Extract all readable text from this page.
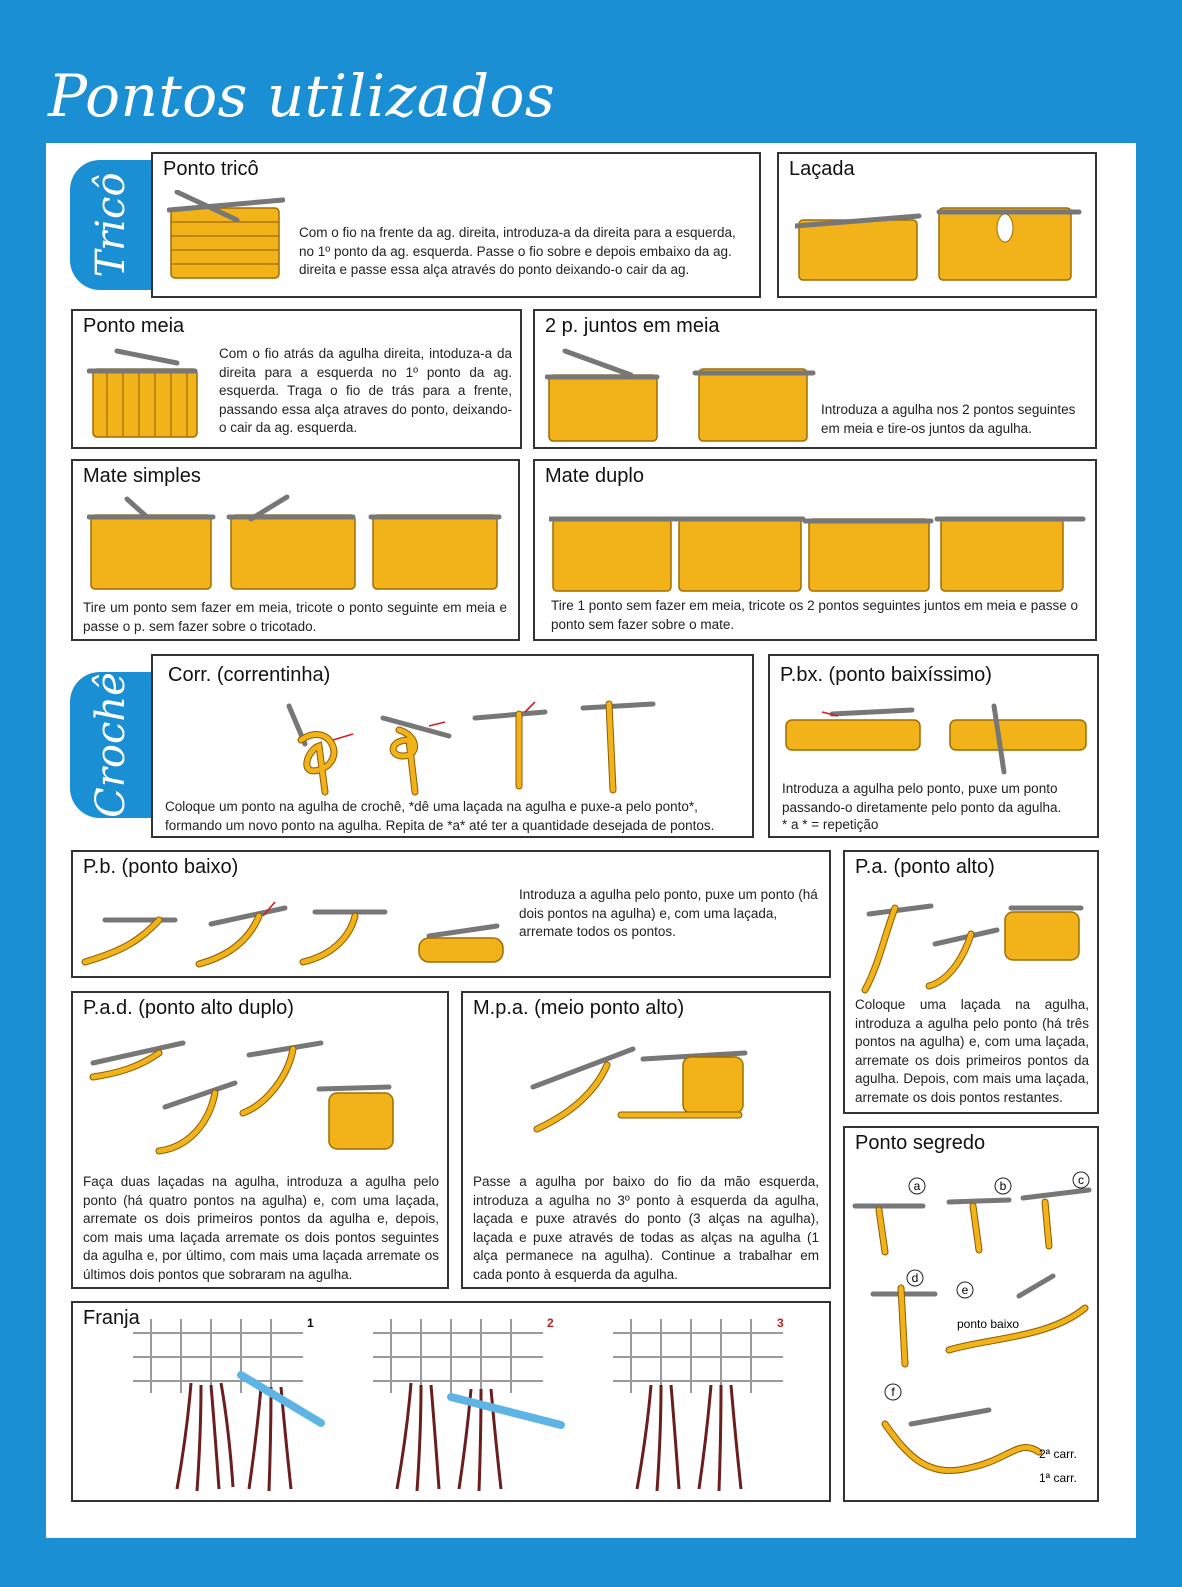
Pontos utilizados
Tricô
Crochê
Ponto tricô

Com o fio na frente da ag. direita, introduza-a da direita para a esquerda, no 1º ponto da ag. esquerda. Passe o fio sobre e depois embaixo da ag. direita e passe essa alça através do ponto deixando-o cair da ag.

Laçada
Ponto meia

Com o fio atrás da agulha direita, intoduza-a da direita para a esquerda no 1º ponto da ag. esquerda. Traga o fio de trás para a frente, passando essa alça atraves do ponto, deixando-o cair da ag. esquerda.

2 p. juntos em meia

Introduza a agulha nos 2 pontos seguintes em meia e tire-os juntos da agulha.

Mate simples

Tire um ponto sem fazer em meia, tricote o ponto seguinte em meia e passe o p. sem fazer sobre o tricotado.

Mate duplo

Tire 1 ponto sem fazer em meia, tricote os 2 pontos seguintes juntos em meia e passe o ponto sem fazer sobre o mate.

Corr. (correntinha)

Coloque um ponto na agulha de crochê, *dê uma laçada na agulha e puxe-a pelo ponto*, formando um novo ponto na agulha. Repita de *a* até ter a quantidade desejada de pontos.

P.bx. (ponto baixíssimo)

Introduza a agulha pelo ponto, puxe um ponto passando-o diretamente pelo ponto da agulha.

* a * = repetição

P.b. (ponto baixo)

Introduza a agulha pelo ponto, puxe um ponto (há dois pontos na agulha) e, com uma laçada, arremate todos os pontos.

P.a. (ponto alto)

Coloque uma laçada na agulha, introduza a agulha pelo ponto (há três pontos na agulha) e, com uma laçada, arremate os dois primeiros pontos da agulha. Depois, com mais uma laçada, arremate os dois pontos restantes.

P.a.d. (ponto alto duplo)

Faça duas laçadas na agulha, introduza a agulha pelo ponto (há quatro pontos na agulha) e, com uma laçada, arremate os dois primeiros pontos da agulha e, depois, com mais uma laçada arremate os dois pontos seguintes da agulha e, por último, com mais uma laçada arremate os últimos dois pontos que sobraram na agulha.

M.p.a. (meio ponto alto)

Passe a agulha por baixo do fio da mão esquerda, introduza a agulha no 3º ponto à esquerda da agulha, laçada e puxe através do ponto (3 alças na agulha), laçada e puxe através de todas as alças na agulha (1 alça permanece na agulha). Continue a trabalhar em cada ponto à esquerda da agulha.

Ponto segredo
a	b	c
d
e
ponto baixo
f
2ª carr.
1ª carr.
Franja	1	2	3
